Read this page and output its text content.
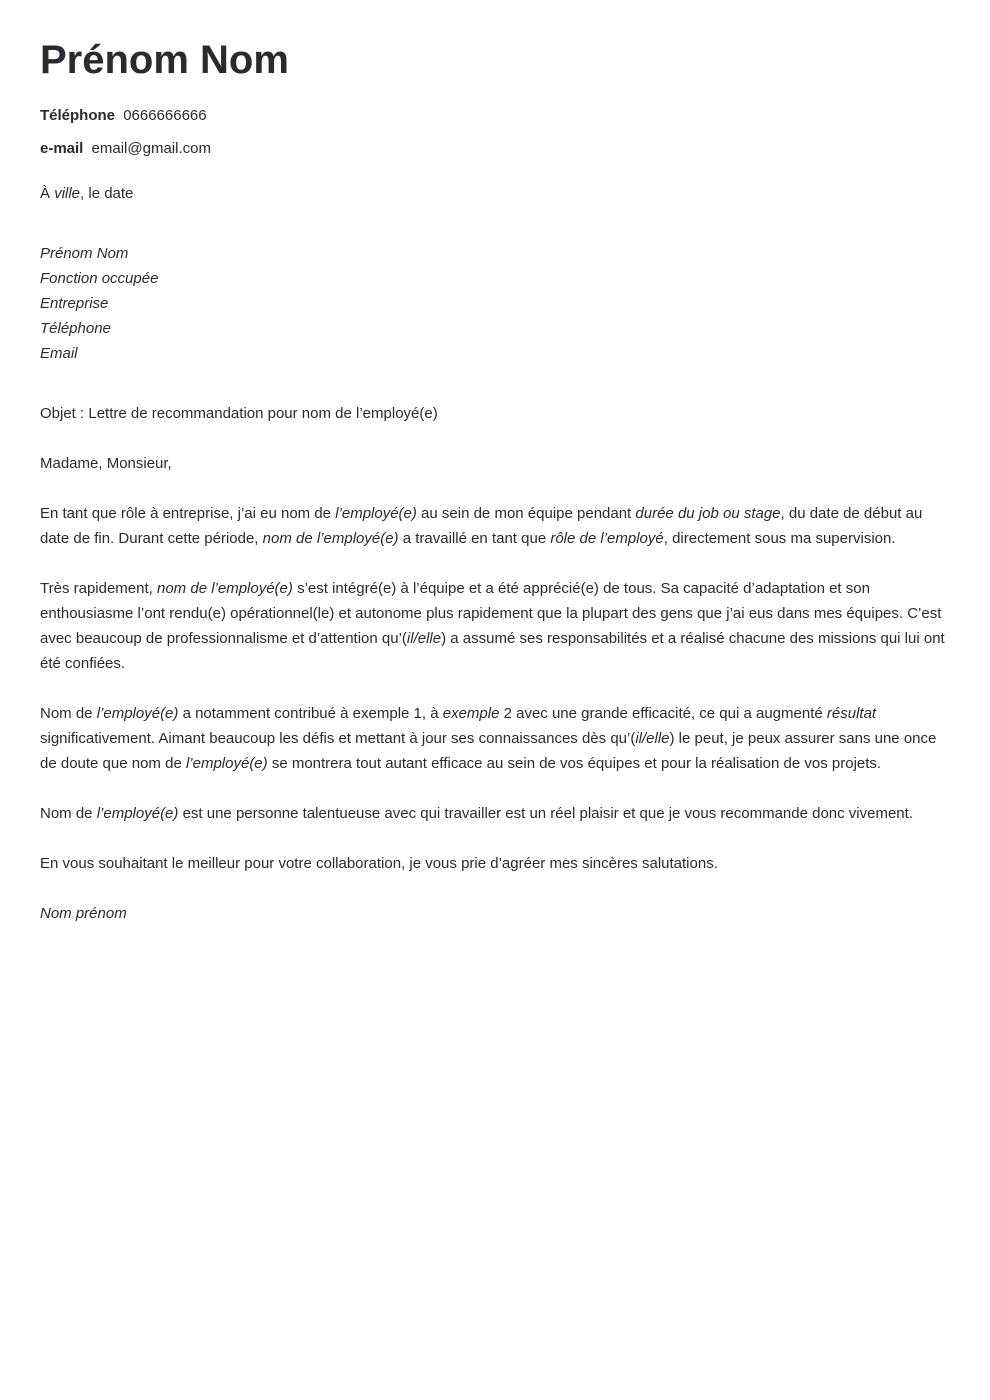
Prénom Nom
Téléphone 0666666666
e-mail email@gmail.com

À ville, le date

Prénom Nom
Fonction occupée
Entreprise
Téléphone
Email

Objet : Lettre de recommandation pour nom de l’employé(e)

Madame, Monsieur,

En tant que rôle à entreprise, j’ai eu nom de l’employé(e) au sein de mon équipe pendant durée du job ou stage, du date de début au date de fin. Durant cette période, nom de l’employé(e) a travaillé en tant que rôle de l’employé, directement sous ma supervision.

Très rapidement, nom de l’employé(e) s’est intégré(e) à l’équipe et a été apprécié(e) de tous. Sa capacité d’adaptation et son enthousiasme l’ont rendu(e) opérationnel(le) et autonome plus rapidement que la plupart des gens que j’ai eus dans mes équipes. C’est avec beaucoup de professionnalisme et d’attention qu’(il/elle) a assumé ses responsabilités et a réalisé chacune des missions qui lui ont été confiées.

Nom de l’employé(e) a notamment contribué à exemple 1, à exemple 2 avec une grande efficacité, ce qui a augmenté résultat significativement. Aimant beaucoup les défis et mettant à jour ses connaissances dès qu’(il/elle) le peut, je peux assurer sans une once de doute que nom de l’employé(e) se montrera tout autant efficace au sein de vos équipes et pour la réalisation de vos projets.

Nom de l’employé(e) est une personne talentueuse avec qui travailler est un réel plaisir et que je vous recommande donc vivement.

En vous souhaitant le meilleur pour votre collaboration, je vous prie d’agréer mes sincères salutations.

Nom prénom
